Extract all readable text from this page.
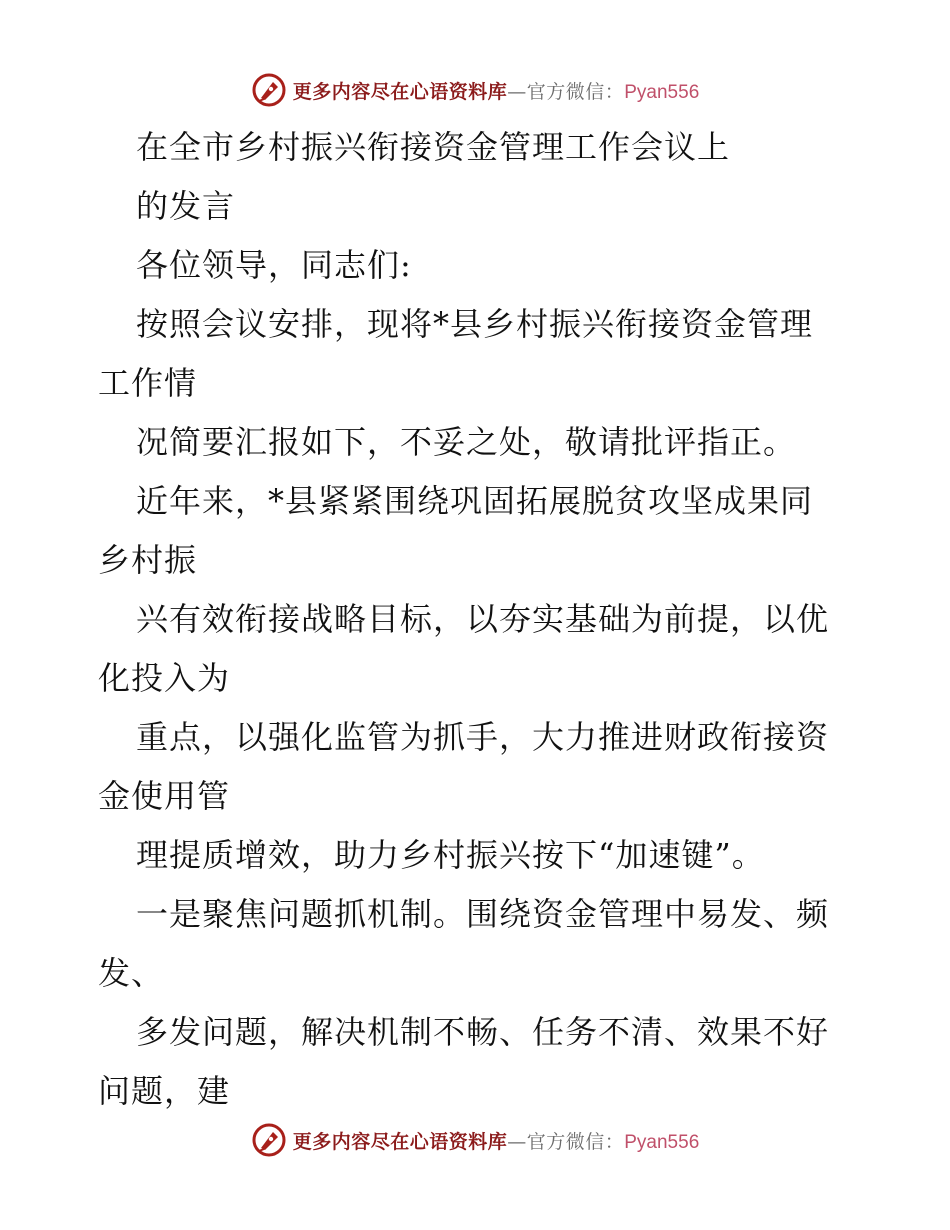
更多内容尽在心语资料库 —官方微信： Pyan556
在全市乡村振兴衔接资金管理工作会议上
的发言
各位领导，同志们:
按照会议安排，现将*县乡村振兴衔接资金管理
工作情
况简要汇报如下，不妥之处，敬请批评指正。
近年来，*县紧紧围绕巩固拓展脱贫攻坚成果同
乡村振
兴有效衔接战略目标，以夯实基础为前提，以优
化投入为
重点，以强化监管为抓手，大力推进财政衔接资
金使用管
理提质增效，助力乡村振兴按下“加速键”。
一是聚焦问题抓机制。围绕资金管理中易发、频
发、
多发问题，解决机制不畅、任务不清、效果不好
问题，建
更多内容尽在心语资料库 —官方微信： Pyan556
